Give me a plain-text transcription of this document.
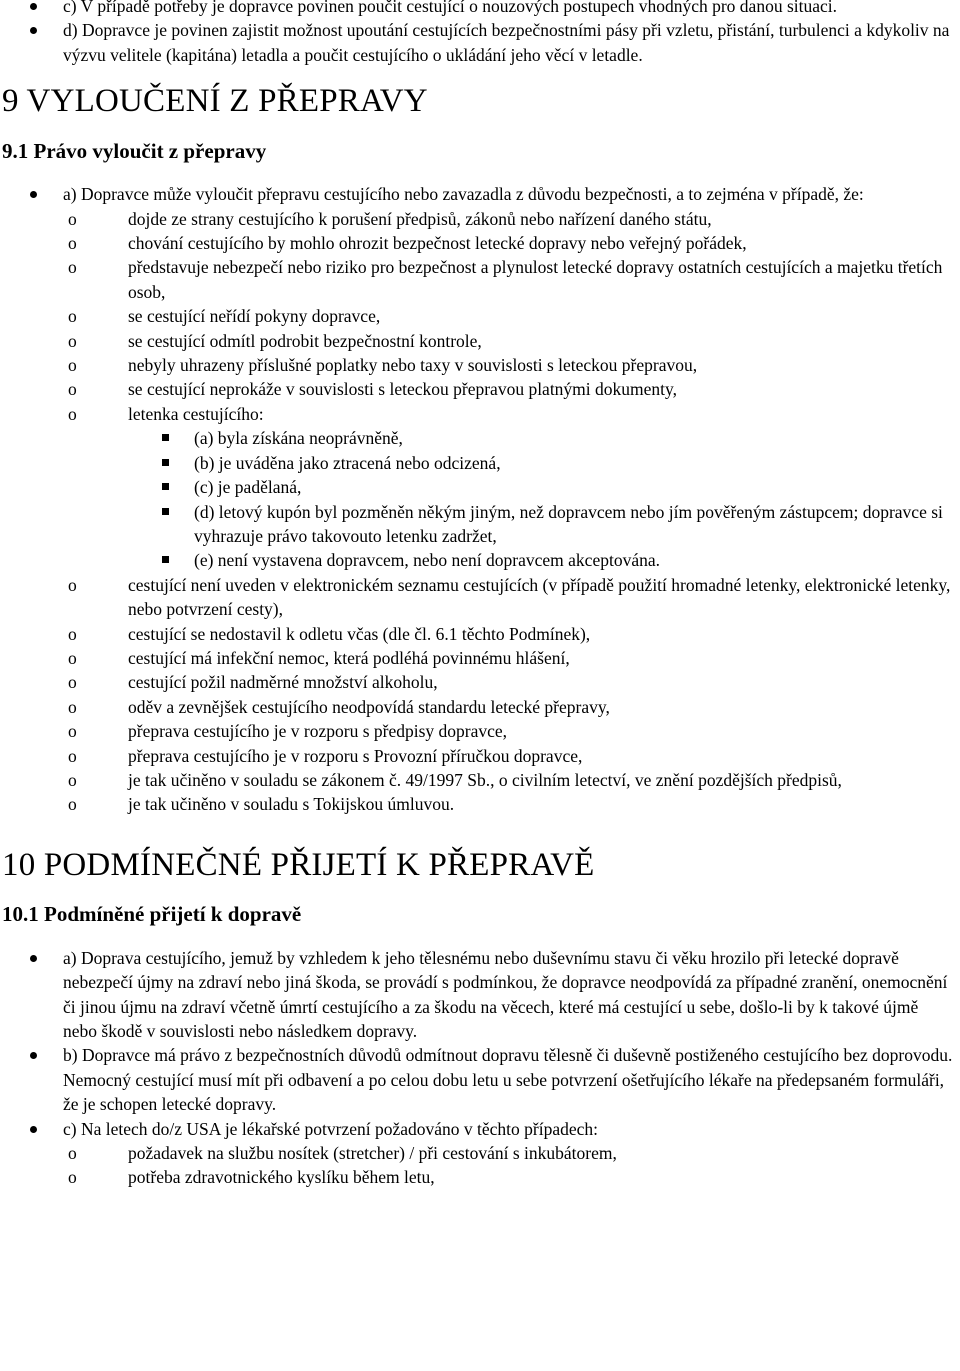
c) V případě potřeby je dopravce povinen poučit cestující o nouzových postupech vhodných pro danou situaci.
d) Dopravce je povinen zajistit možnost upoutání cestujících bezpečnostními pásy při vzletu, přistání, turbulenci a kdykoliv na výzvu velitele (kapitána) letadla a poučit cestujícího o ukládání jeho věcí v letadle.
9 VYLOUČENÍ Z PŘEPRAVY
9.1 Právo vyloučit z přepravy
a) Dopravce může vyloučit přepravu cestujícího nebo zavazadla z důvodu bezpečnosti, a to zejména v případě, že:
o	dojde ze strany cestujícího k porušení předpisů, zákonů nebo nařízení daného státu,
o	chování cestujícího by mohlo ohrozit bezpečnost letecké dopravy nebo veřejný pořádek,
o	představuje nebezpečí nebo riziko pro bezpečnost a plynulost letecké dopravy ostatních cestujících a majetku třetích osob,
o	se cestující neřídí pokyny dopravce,
o	se cestující odmítl podrobit bezpečnostní kontrole,
o	nebyly uhrazeny příslušné poplatky nebo taxy v souvislosti s leteckou přepravou,
o	se cestující neprokáže v souvislosti s leteckou přepravou platnými dokumenty,
o	letenka cestujícího:
(a) byla získána neoprávněně,
(b) je uváděna jako ztracená nebo odcizená,
(c) je padělaná,
(d) letový kupón byl pozměněn někým jiným, než dopravcem nebo jím pověřeným zástupcem; dopravce si vyhrazuje právo takovouto letenku zadržet,
(e) není vystavena dopravcem, nebo není dopravcem akceptována.
o	cestující není uveden v elektronickém seznamu cestujících (v případě použití hromadné letenky, elektronické letenky, nebo potvrzení cesty),
o	cestující se nedostavil k odletu včas (dle čl. 6.1 těchto Podmínek),
o	cestující má infekční nemoc, která podléhá povinnému hlášení,
o	cestující požil nadměrné množství alkoholu,
o	oděv a zevnějšek cestujícího neodpovídá standardu letecké přepravy,
o	přeprava cestujícího je v rozporu s předpisy dopravce,
o	přeprava cestujícího je v rozporu s Provozní příručkou dopravce,
o	je tak učiněno v souladu se zákonem č. 49/1997 Sb., o civilním letectví, ve znění pozdějších předpisů,
o	je tak učiněno v souladu s Tokijskou úmluvou.
10 PODMÍNEČNÉ PŘIJETÍ K PŘEPRAVĚ
10.1 Podmíněné přijetí k dopravě
a) Doprava cestujícího, jemuž by vzhledem k jeho tělesnému nebo duševnímu stavu či věku hrozilo při letecké dopravě nebezpečí újmy na zdraví nebo jiná škoda, se provádí s podmínkou, že dopravce neodpovídá za případné zranění, onemocnění či jinou újmu na zdraví včetně úmrtí cestujícího a za škodu na věcech, které má cestující u sebe, došlo-li by k takové újmě nebo škodě v souvislosti nebo následkem dopravy.
b) Dopravce má právo z bezpečnostních důvodů odmítnout dopravu tělesně či duševně postiženého cestujícího bez doprovodu. Nemocný cestující musí mít při odbavení a po celou dobu letu u sebe potvrzení ošetřujícího lékaře na předepsaném formuláři, že je schopen letecké dopravy.
c) Na letech do/z USA je lékařské potvrzení požadováno v těchto případech:
o	požadavek na službu nosítek (stretcher) / při cestování s inkubátorem,
o	potřeba zdravotnického kyslíku během letu,
